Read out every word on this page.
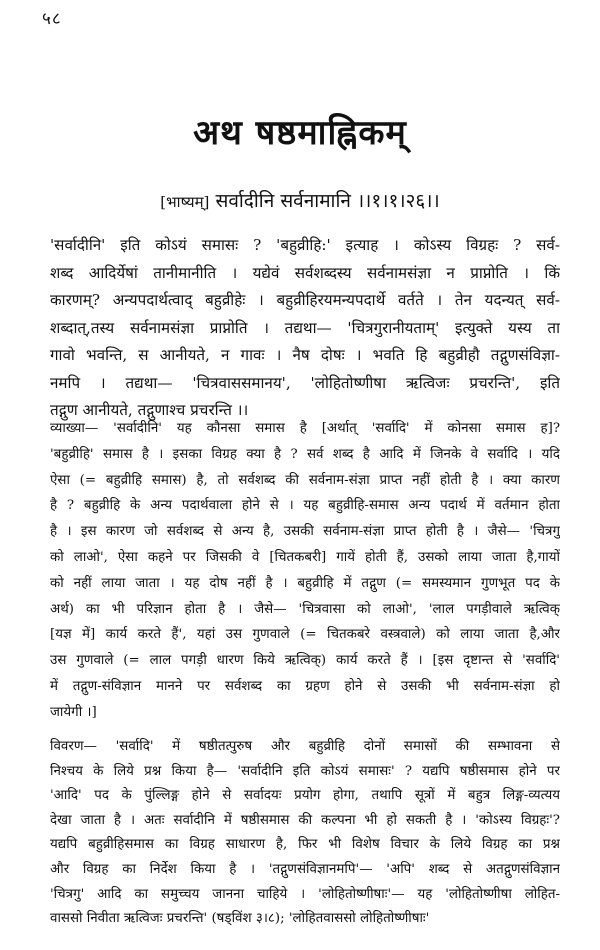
५८
अथ षष्ठमाह्निकम्
[भाष्यम्] सर्वादीनि सर्वनामानि ।।१।१।२६।।
'सर्वादीनि' इति कोऽयं समासः ? 'बहुव्रीहि:' इत्याह । कोऽस्य विग्रहः ? सर्व-
शब्द आदिर्येषां तानीमानीति । यद्येवं सर्वशब्दस्य सर्वनामसंज्ञा न प्राप्नोति । किं
कारणम्? अन्यपदार्थत्वाद् बहुव्रीहेः । बहुव्रीहिरयमन्यपदार्थे वर्तते । तेन यदन्यत् सर्व-
शब्दात्,तस्य सर्वनामसंज्ञा प्राप्नोति । तद्यथा— 'चित्रगुरानीयताम्' इत्युक्ते यस्य ता
गावो भवन्ति, स आनीयते, न गावः । नैष दोषः । भवति हि बहुव्रीहौ तद्गुणसंविज्ञा-
नमपि । तद्यथा— 'चित्रवाससमानय', 'लोहितोष्णीषा ऋत्विजः प्रचरन्ति', इति
तद्गुण आनीयते, तद्गुणाश्च प्रचरन्ति ।।
व्याख्या— 'सर्वादीनि' यह कौनसा समास है [अर्थात् 'सर्वादि' में कोनसा समास ह]?
'बहुव्रीहि' समास है । इसका विग्रह क्या है ? सर्व शब्द है आदि में जिनके वे सर्वादि । यदि
ऐसा (= बहुव्रीहि समास) है, तो सर्वशब्द की सर्वनाम-संज्ञा प्राप्त नहीं होती है । क्या कारण
है ? बहुव्रीहि के अन्य पदार्थवाला होने से । यह बहुव्रीहि-समास अन्य पदार्थ में वर्तमान होता
है । इस कारण जो सर्वशब्द से अन्य है, उसकी सर्वनाम-संज्ञा प्राप्त होती है । जैसे— 'चित्रगु
को लाओ', ऐसा कहने पर जिसकी वे [चितकबरी] गायें होती हैं, उसको लाया जाता है,गायों
को नहीं लाया जाता । यह दोष नहीं है । बहुव्रीहि में तद्गुण (= समस्यमान गुणभूत पद के
अर्थ) का भी परिज्ञान होता है । जैसे— 'चित्रवासा को लाओ', 'लाल पगड़ीवाले ऋत्विक्
[यज्ञ में] कार्य करते हैं', यहां उस गुणवाले (= चितकबरे वस्त्रवाले) को लाया जाता है,और
उस गुणवाले (= लाल पगड़ी धारण किये ऋत्विक्) कार्य करते हैं । [इस दृष्टान्त से 'सर्वादि'
में तद्गुण-संविज्ञान मानने पर सर्वशब्द का ग्रहण होने से उसकी भी सर्वनाम-संज्ञा हो
जायेगी ।]
विवरण— 'सर्वादि' में षष्ठीतत्पुरुष और बहुव्रीहि दोनों समासों की सम्भावना से
निश्चय के लिये प्रश्न किया है— 'सर्वादीनि इति कोऽयं समासः' ? यद्यपि षष्ठीसमास होने पर
'आदि' पद के पुंल्लिङ्ग होने से सर्वादयः प्रयोग होगा, तथापि सूत्रों में बहुत्र लिङ्ग-व्यत्यय
देखा जाता है । अतः सर्वादीनि में षष्ठीसमास की कल्पना भी हो सकती है । 'कोऽस्य विग्रहः'?
यद्यपि बहुव्रीहिसमास का विग्रह साधारण है, फिर भी विशेष विचार के लिये विग्रह का प्रश्न
और विग्रह का निर्देश किया है । 'तद्गुणसंविज्ञानमपि'— 'अपि' शब्द से अतद्गुणसंविज्ञान
'चित्रगु' आदि का समुच्चय जानना चाहिये । 'लोहितोष्णीषाः'— यह 'लोहितोष्णीषा लोहित-
वाससो निवीता ऋत्विजः प्रचरन्ति' (षड्विंश ३।८); 'लोहितवाससो लोहितोष्णीषाः'
